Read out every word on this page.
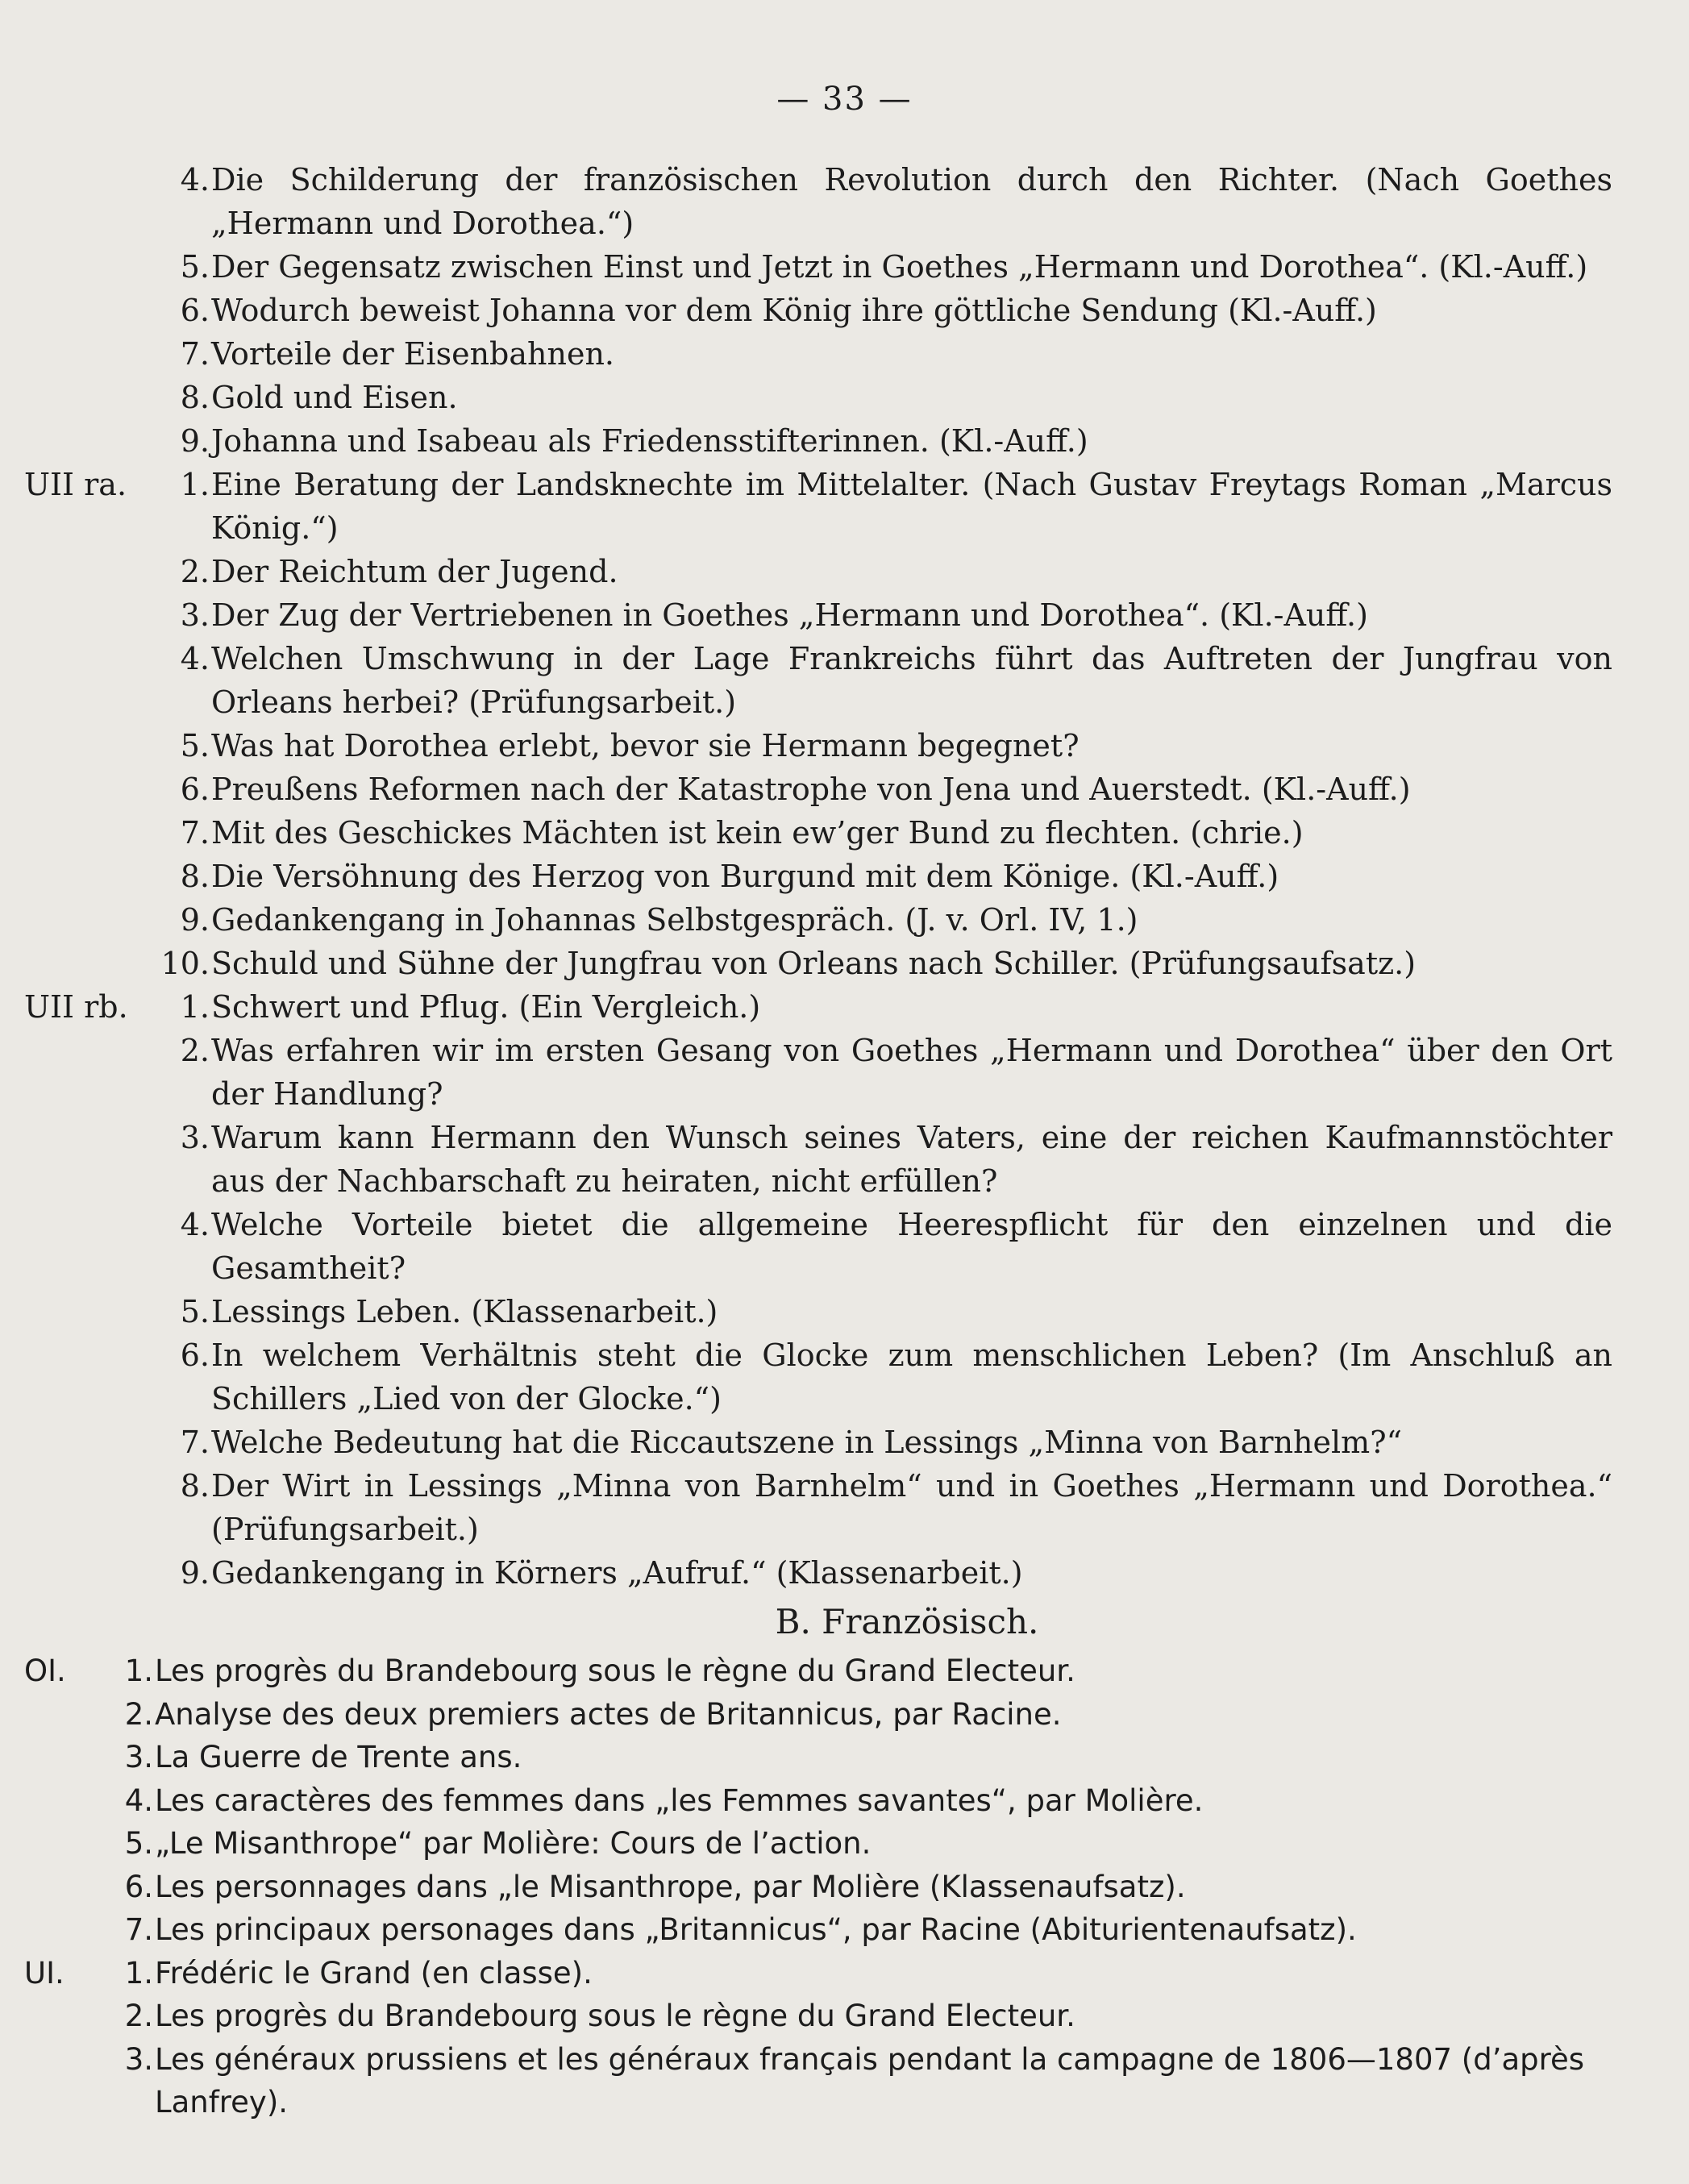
— 33 —
4. Die Schilderung der französischen Revolution durch den Richter. (Nach Goethes „Hermann und Dorothea.“)
5. Der Gegensatz zwischen Einst und Jetzt in Goethes „Hermann und Dorothea“. (Kl.-Auff.)
6. Wodurch beweist Johanna vor dem König ihre göttliche Sendung (Kl.-Auff.)
7. Vorteile der Eisenbahnen.
8. Gold und Eisen.
9. Johanna und Isabeau als Friedensstifterinnen. (Kl.-Auff.)
UII ra.	1. Eine Beratung der Landsknechte im Mittelalter. (Nach Gustav Freytags Roman „Marcus König.“)
2. Der Reichtum der Jugend.
3. Der Zug der Vertriebenen in Goethes „Hermann und Dorothea“. (Kl.-Auff.)
4. Welchen Umschwung in der Lage Frankreichs führt das Auftreten der Jungfrau von Orleans herbei? (Prüfungsarbeit.)
5. Was hat Dorothea erlebt, bevor sie Hermann begegnet?
6. Preußens Reformen nach der Katastrophe von Jena und Auerstedt. (Kl.-Auff.)
7. Mit des Geschickes Mächten ist kein ew’ger Bund zu flechten. (chrie.)
8. Die Versöhnung des Herzog von Burgund mit dem Könige. (Kl.-Auff.)
9. Gedankengang in Johannas Selbstgespräch. (J. v. Orl. IV, 1.)
10. Schuld und Sühne der Jungfrau von Orleans nach Schiller. (Prüfungsaufsatz.)
UII rb.	1. Schwert und Pflug. (Ein Vergleich.)
2. Was erfahren wir im ersten Gesang von Goethes „Hermann und Dorothea“ über den Ort der Handlung?
3. Warum kann Hermann den Wunsch seines Vaters, eine der reichen Kaufmannstöchter aus der Nachbarschaft zu heiraten, nicht erfüllen?
4. Welche Vorteile bietet die allgemeine Heerespflicht für den einzelnen und die Gesamtheit?
5. Lessings Leben. (Klassenarbeit.)
6. In welchem Verhältnis steht die Glocke zum menschlichen Leben? (Im Anschluß an Schillers „Lied von der Glocke.“)
7. Welche Bedeutung hat die Riccautszene in Lessings „Minna von Barnhelm?“
8. Der Wirt in Lessings „Minna von Barnhelm“ und in Goethes „Hermann und Dorothea.“ (Prüfungsarbeit.)
9. Gedankengang in Körners „Aufruf.“ (Klassenarbeit.)
B. Französisch.
OI.	1. Les progrès du Brandebourg sous le règne du Grand Electeur.
2. Analyse des deux premiers actes de Britannicus, par Racine.
3. La Guerre de Trente ans.
4. Les caractères des femmes dans „les Femmes savantes“, par Molière.
5. „Le Misanthrope“ par Molière: Cours de l’action.
6. Les personnages dans „le Misanthrope, par Molière (Klassenaufsatz).
7. Les principaux personages dans „Britannicus“, par Racine (Abiturientenaufsatz).
UI.	1. Frédéric le Grand (en classe).
2. Les progrès du Brandebourg sous le règne du Grand Electeur.
3. Les généraux prussiens et les généraux français pendant la campagne de 1806—1807 (d’après Lanfrey).
